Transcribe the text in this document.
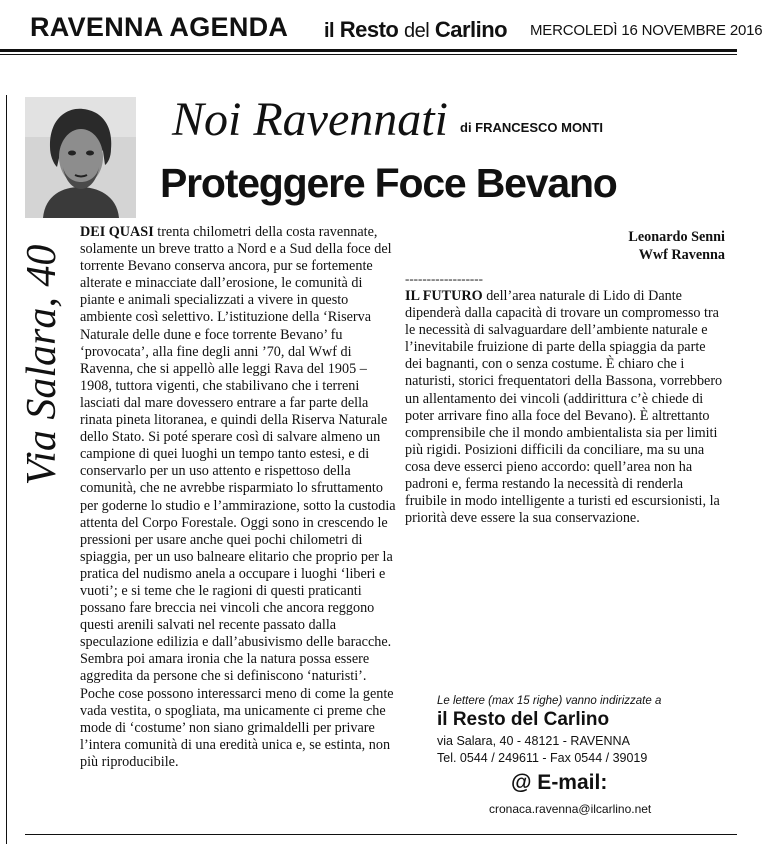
RAVENNA AGENDA il Resto del Carlino MERCOLEDÌ 16 NOVEMBRE 2016
Noi Ravennati di FRANCESCO MONTI
Proteggere Foce Bevano
Via Salara, 40

DEI QUASI trenta chilometri della costa ravennate, solamente un breve tratto a Nord e a Sud della foce del torrente Bevano conserva ancora, pur se fortemente alterate e minacciate dall’erosione, le comunità di piante e animali specializzati a vivere in questo ambiente così selettivo. L’istituzione della ‘Riserva Naturale delle dune e foce torrente Bevano’ fu ‘provocata’, alla fine degli anni ’70, dal Wwf di Ravenna, che si appellò alle leggi Rava del 1905 – 1908, tuttora vigenti, che stabilivano che i terreni lasciati dal mare dovessero entrare a far parte della rinata pineta litoranea, e quindi della Riserva Naturale dello Stato. Si poté sperare così di salvare almeno un campione di quei luoghi un tempo tanto estesi, e di conservarlo per un uso attento e rispettoso della comunità, che ne avrebbe risparmiato lo sfruttamento per goderne lo studio e l’ammirazione, sotto la custodia attenta del Corpo Forestale. Oggi sono in crescendo le pressioni per usare anche quei pochi chilometri di spiaggia, per un uso balneare elitario che proprio per la pratica del nudismo anela a occupare i luoghi ‘liberi e vuoti’; e si teme che le ragioni di questi praticanti possano fare breccia nei vincoli che ancora reggono questi arenili salvati nel recente passato dalla speculazione edilizia e dall’abusivismo delle baracche. Sembra poi amara ironia che la natura possa essere aggredita da persone che si definiscono ‘naturisti’.

Poche cose possono interessarci meno di come la gente vada vestita, o spogliata, ma unicamente ci preme che mode di ‘costume’ non siano grimaldelli per privare l’intera comunità di una eredità unica e, se estinta, non più riproducibile.

Leonardo Senni
Wwf Ravenna
------------------

IL FUTURO dell’area naturale di Lido di Dante dipenderà dalla capacità di trovare un compromesso tra le necessità di salvaguardare dell’ambiente naturale e l’inevitabile fruizione di parte della spiaggia da parte dei bagnanti, con o senza costume. È chiaro che i naturisti, storici frequentatori della Bassona, vorrebbero un allentamento dei vincoli (addirittura c’è chiede di poter arrivare fino alla foce del Bevano). È altrettanto comprensibile che il mondo ambientalista sia per limiti più rigidi. Posizioni difficili da conciliare, ma su una cosa deve esserci pieno accordo: quell’area non ha padroni e, ferma restando la necessità di renderla fruibile in modo intelligente a turisti ed escursionisti, la priorità deve essere la sua conservazione.

Le lettere (max 15 righe) vanno indirizzate a
il Resto del Carlino
via Salara, 40 - 48121 - RAVENNA
Tel. 0544 / 249611 - Fax 0544 / 39019
@ E-mail:
cronaca.ravenna@ilcarlino.net
